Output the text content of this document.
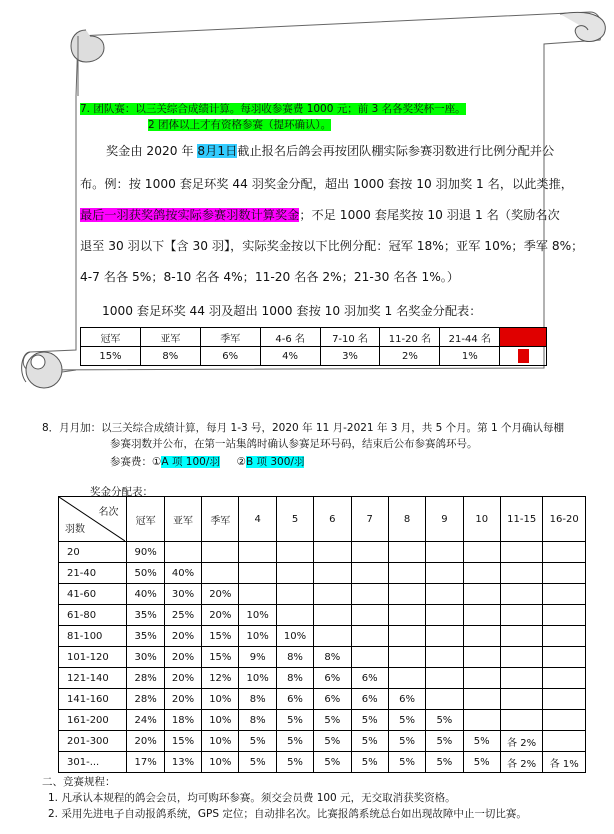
7. 团队赛：以三关综合成绩计算。每羽收参赛费 1000 元；前 3 名各奖奖杯一座。
2 团体以上才有资格参赛（提环确认）。
奖金由 2020 年 8月1日截止报名后鸽会再按团队棚实际参赛羽数进行比例分配并公
布。例：按 1000 套足环奖 44 羽奖金分配，超出 1000 套按 10 羽加奖 1 名，以此类推，
最后一羽获奖鸽按实际参赛羽数计算奖金；不足 1000 套尾奖按 10 羽退 1 名（奖励名次
退至 30 羽以下【含 30 羽】，实际奖金按以下比例分配：冠军 18%；亚军 10%；季军 8%；
4-7 名各 5%；8-10 名各 4%；11-20 名各 2%；21-30 名各 1%。）
1000 套足环奖 44 羽及超出 1000 套按 10 羽加奖 1 名奖金分配表：
冠军	亚军	季军	4-6 名	7-10 名	11-20 名	21-44 名	
15%	8%	6%	4%	3%	2%	1%	
8．月月加：以三关综合成绩计算，每月 1-3 号，2020 年 11 月-2021 年 3 月，共 5 个月。第 1 个月确认每棚
参赛羽数并公布，在第一站集鸽时确认参赛足环号码，结束后公布参赛鸽环号。
参赛费：①A 项 100/羽 ②B 项 300/羽
奖金分配表：
名次
羽数	冠军	亚军	季军	4	5	6	7	8	9	10	11-15	16-20
20	90%											
21-40	50%	40%										
41-60	40%	30%	20%									
61-80	35%	25%	20%	10%								
81-100	35%	20%	15%	10%	10%							
101-120	30%	20%	15%	9%	8%	8%						
121-140	28%	20%	12%	10%	8%	6%	6%					
141-160	28%	20%	10%	8%	6%	6%	6%	6%				
161-200	24%	18%	10%	8%	5%	5%	5%	5%	5%			
201-300	20%	15%	10%	5%	5%	5%	5%	5%	5%	5%	各 2%	
301-...	17%	13%	10%	5%	5%	5%	5%	5%	5%	5%	各 2%	各 1%
二、竞赛规程：
1. 凡承认本规程的鸽会会员，均可购环参赛。须交会员费 100 元，无交取消获奖资格。
2. 采用先进电子自动报鸽系统，GPS 定位；自动排名次。比赛报鸽系统总台如出现故障中止一切比赛。
